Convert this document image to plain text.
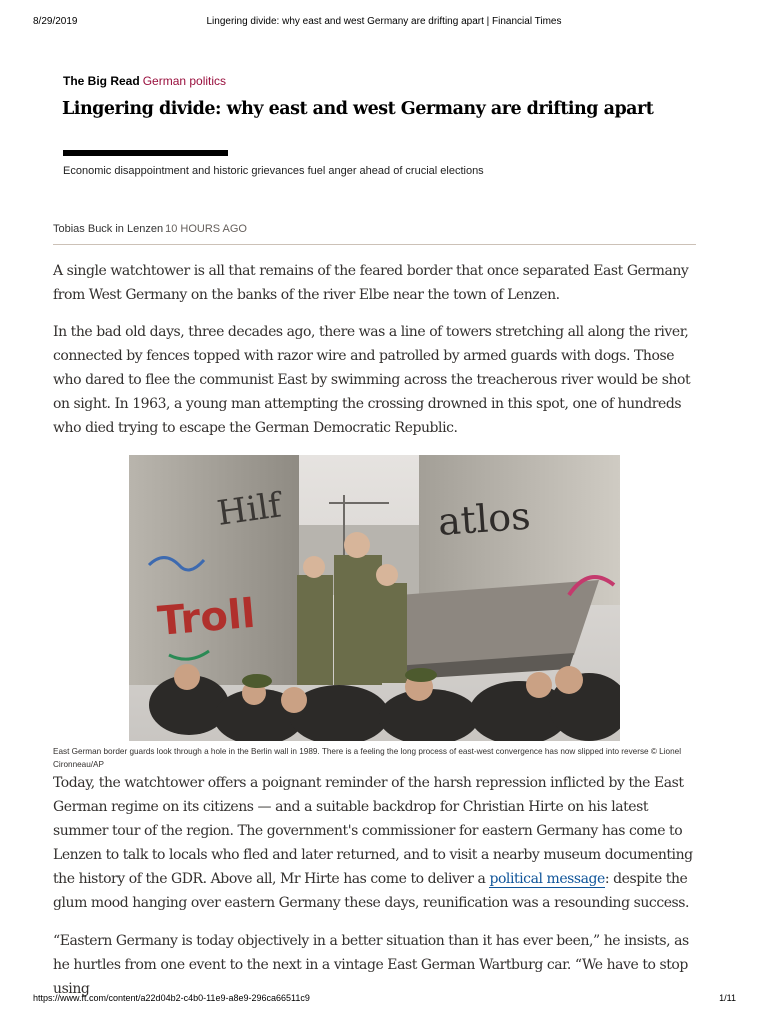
8/29/2019	Lingering divide: why east and west Germany are drifting apart | Financial Times
The Big Read German politics
Lingering divide: why east and west Germany are drifting apart
Economic disappointment and historic grievances fuel anger ahead of crucial elections
Tobias Buck in Lenzen 10 HOURS AGO

A single watchtower is all that remains of the feared border that once separated East Germany from West Germany on the banks of the river Elbe near the town of Lenzen.

In the bad old days, three decades ago, there was a line of towers stretching all along the river, connected by fences topped with razor wire and patrolled by armed guards with dogs. Those who dared to flee the communist East by swimming across the treacherous river would be shot on sight. In 1963, a young man attempting the crossing drowned in this spot, one of hundreds who died trying to escape the German Democratic Republic.

Hilf
Troll
atlos
East German border guards look through a hole in the Berlin wall in 1989. There is a feeling the long process of east-west convergence has now slipped into reverse © Lionel Cironneau/AP

Today, the watchtower offers a poignant reminder of the harsh repression inflicted by the East German regime on its citizens — and a suitable backdrop for Christian Hirte on his latest summer tour of the region. The government's commissioner for eastern Germany has come to Lenzen to talk to locals who fled and later returned, and to visit a nearby museum documenting the history of the GDR. Above all, Mr Hirte has come to deliver a political message: despite the glum mood hanging over eastern Germany these days, reunification was a resounding success.

“Eastern Germany is today objectively in a better situation than it has ever been,” he insists, as he hurtles from one event to the next in a vintage East German Wartburg car. “We have to stop using

https://www.ft.com/content/a22d04b2-c4b0-11e9-a8e9-296ca66511c9	1/11
